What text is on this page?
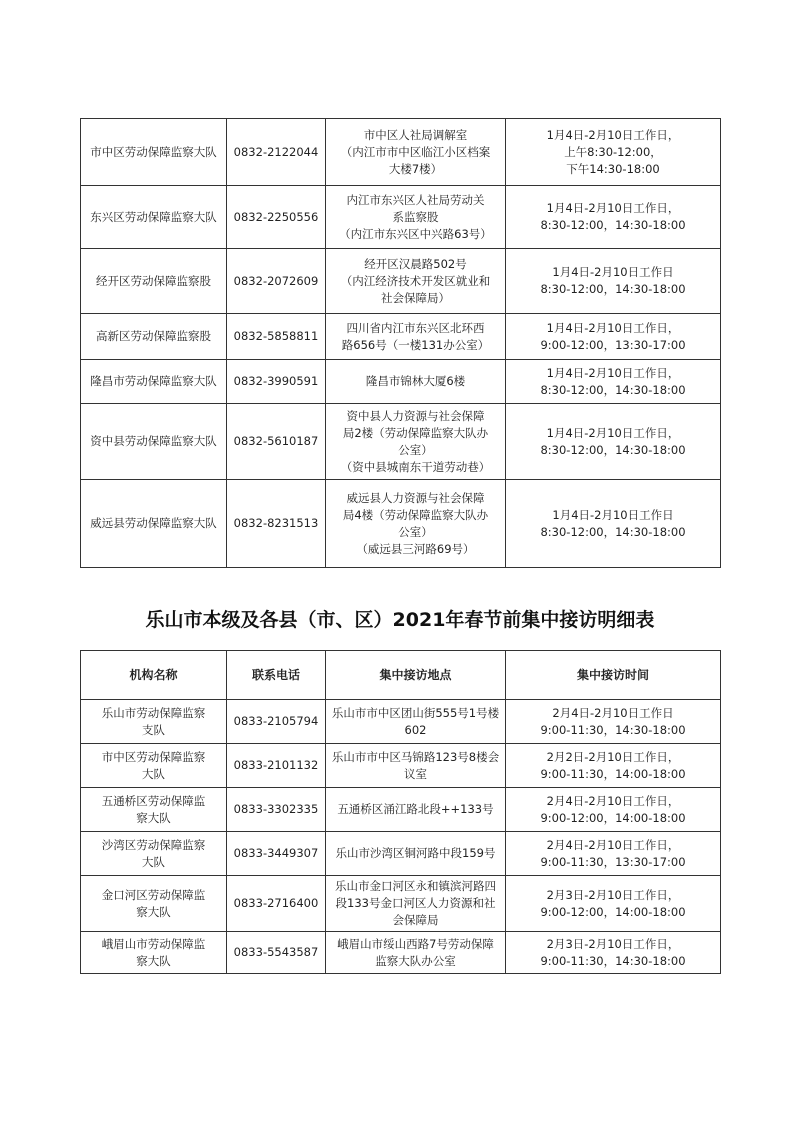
市中区劳动保障监察大队	0832-2122044	市中区人社局调解室
（内江市市中区临江小区档案
大楼7楼）	1月4日-2月10日工作日，
上午8:30-12:00，
下午14:30-18:00

东兴区劳动保障监察大队	0832-2250556	内江市东兴区人社局劳动关
系监察股
（内江市东兴区中兴路63号）	1月4日-2月10日工作日，
8:30-12:00，14:30-18:00

经开区劳动保障监察股	0832-2072609	经开区汉晨路502号
（内江经济技术开发区就业和
社会保障局）	1月4日-2月10日工作日
8:30-12:00，14:30-18:00

高新区劳动保障监察股	0832-5858811	四川省内江市东兴区北环西
路656号（一楼131办公室）	1月4日-2月10日工作日，
9:00-12:00，13:30-17:00

隆昌市劳动保障监察大队	0832-3990591	隆昌市锦林大厦6楼	1月4日-2月10日工作日，
8:30-12:00，14:30-18:00

资中县劳动保障监察大队	0832-5610187	资中县人力资源与社会保障
局2楼（劳动保障监察大队办
公室）
（资中县城南东干道劳动巷）	1月4日-2月10日工作日，
8:30-12:00，14:30-18:00

威远县劳动保障监察大队	0832-8231513	威远县人力资源与社会保障
局4楼（劳动保障监察大队办
公室）
（威远县三河路69号）	1月4日-2月10日工作日
8:30-12:00，14:30-18:00
乐山市本级及各县（市、区）2021年春节前集中接访明细表
机构名称	联系电话	集中接访地点	集中接访时间

乐山市劳动保障监察
支队	0833-2105794	乐山市市中区团山街555号1号楼
602	2月4日-2月10日工作日
9:00-11:30，14:30-18:00

市中区劳动保障监察
大队	0833-2101132	乐山市市中区马锦路123号8楼会
议室	2月2日-2月10日工作日，
9:00-11:30，14:00-18:00

五通桥区劳动保障监
察大队	0833-3302335	五通桥区涌江路北段++133号	2月4日-2月10日工作日，
9:00-12:00，14:00-18:00

沙湾区劳动保障监察
大队	0833-3449307	乐山市沙湾区铜河路中段159号	2月4日-2月10日工作日，
9:00-11:30，13:30-17:00

金口河区劳动保障监
察大队	0833-2716400	乐山市金口河区永和镇滨河路四
段133号金口河区人力资源和社
会保障局	2月3日-2月10日工作日，
9:00-12:00，14:00-18:00

峨眉山市劳动保障监
察大队	0833-5543587	峨眉山市绥山西路7号劳动保障
监察大队办公室	2月3日-2月10日工作日，
9:00-11:30，14:30-18:00
